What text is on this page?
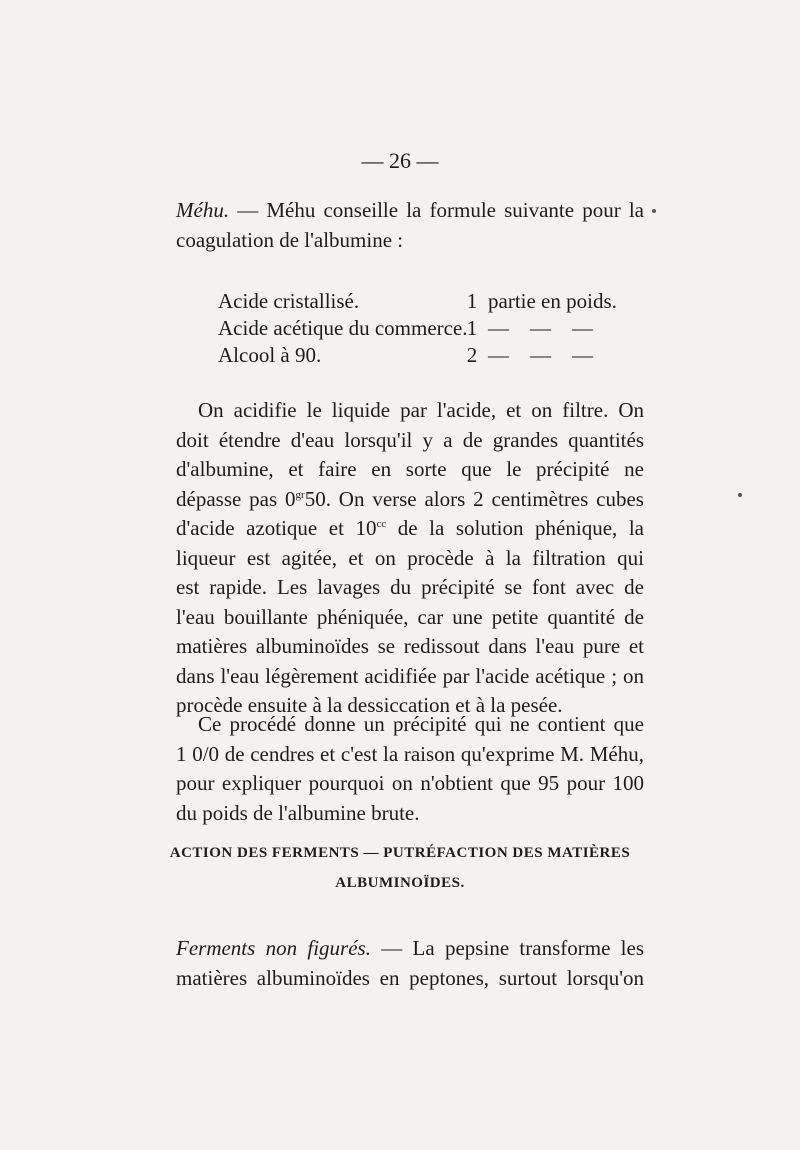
— 26 —
Méhu. — Méhu conseille la formule suivante pour la
coagulation de l'albumine :
Acide cristallisé.	1 partie en poids.
Acide acétique du commerce. 1 —    —    —
Alcool à 90.	2 —    —    —
On acidifie le liquide par l'acide, et on filtre. On
doit étendre d'eau lorsqu'il y a de grandes quantités
d'albumine, et faire en sorte que le précipité ne
dépasse pas $0^{gr}50$. On verse alors 2 centimètres cubes
d'acide azotique et $10^{cc}$ de la solution phénique, la
liqueur est agitée, et on procède à la filtration qui
est rapide. Les lavages du précipité se font avec de
l'eau bouillante phéniquée, car une petite quantité de
matières albuminoïdes se redissout dans l'eau pure et
dans l'eau légèrement acidifiée par l'acide acétique ; on
procède ensuite à la dessiccation et à la pesée.
Ce procédé donne un précipité qui ne contient que
1 0/0 de cendres et c'est la raison qu'exprime M. Méhu,
pour expliquer pourquoi on n'obtient que 95 pour 100
du poids de l'albumine brute.
ACTION DES FERMENTS — PUTRÉFACTION DES MATIÈRES
ALBUMINOÏDES.
Ferments non figurés. — La pepsine transforme les
matières albuminoïdes en peptones, surtout lorsqu'on
